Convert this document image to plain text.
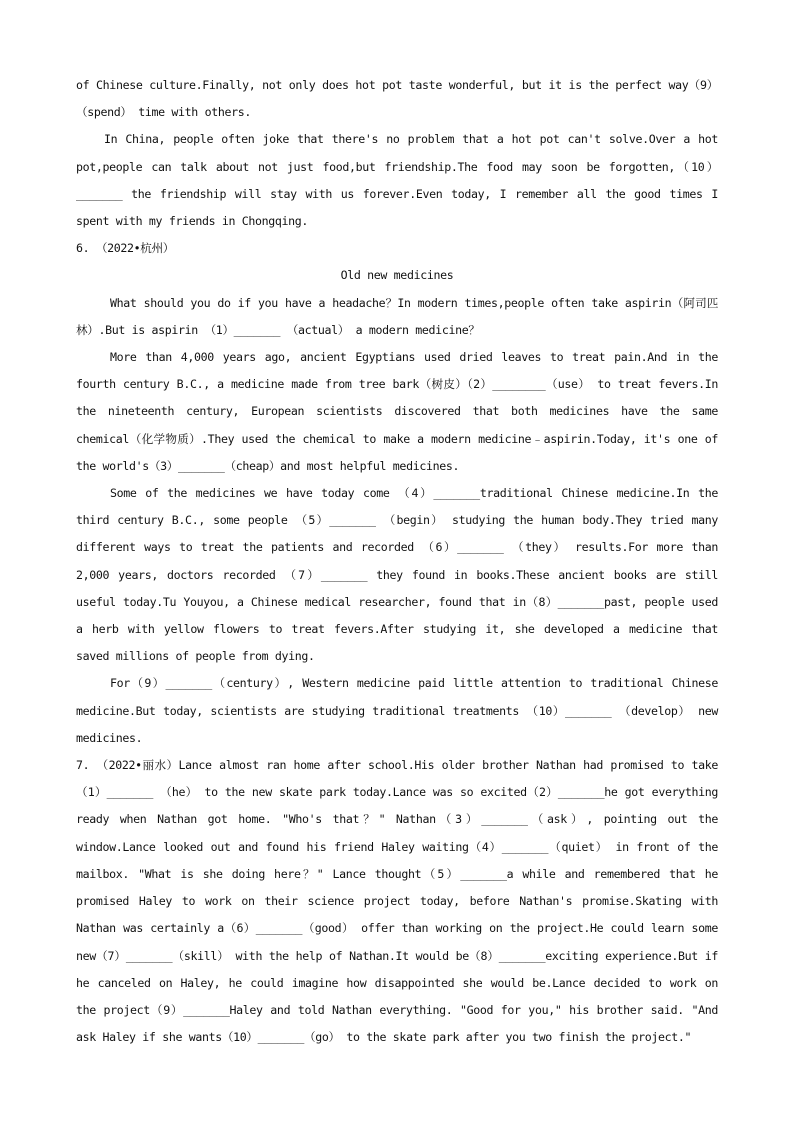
of Chinese culture.Finally, not only does hot pot taste wonderful, but it is the perfect way（9）（spend） time with others.

In China, people often joke that there's no problem that a hot pot can't solve.Over a hot pot,people can talk about not just food,but friendship.The food may soon be forgotten,（10）_______ the friendship will stay with us forever.Even today, I remember all the good times I spent with my friends in Chongqing.

6. （2022•杭州）

Old new medicines

What should you do if you have a headache？In modern times,people often take aspirin（阿司匹林）.But is aspirin （1）_______ （actual） a modern medicine？

More than 4,000 years ago, ancient Egyptians used dried leaves to treat pain.And in the fourth century B.C., a medicine made from tree bark（树皮）（2）________（use） to treat fevers.In the nineteenth century, European scientists discovered that both medicines have the same chemical（化学物质）.They used the chemical to make a modern medicine﹣aspirin.Today, it's one of the world's（3）_______（cheap）and most helpful medicines.

Some of the medicines we have today come （4）_______traditional Chinese medicine.In the third century B.C., some people （5）_______ （begin） studying the human body.They tried many different ways to treat the patients and recorded （6）_______ （they） results.For more than 2,000 years, doctors recorded （7）_______ they found in books.These ancient books are still useful today.Tu Youyou, a Chinese medical researcher, found that in（8）_______past, people used a herb with yellow flowers to treat fevers.After studying it, she developed a medicine that saved millions of people from dying.

For（9）_______（century）, Western medicine paid little attention to traditional Chinese medicine.But today, scientists are studying traditional treatments （10）_______ （develop） new medicines.

7. （2022•丽水）Lance almost ran home after school.His older brother Nathan had promised to take（1）_______ （he） to the new skate park today.Lance was so excited（2）_______he got everything ready when Nathan got home. "Who's that？" Nathan（3）_______（ask）, pointing out the window.Lance looked out and found his friend Haley waiting（4）_______（quiet） in front of the mailbox. "What is she doing here？" Lance thought（5）_______a while and remembered that he promised Haley to work on their science project today, before Nathan's promise.Skating with Nathan was certainly a（6）_______（good） offer than working on the project.He could learn some new（7）_______（skill） with the help of Nathan.It would be（8）_______exciting experience.But if he canceled on Haley, he could imagine how disappointed she would be.Lance decided to work on the project（9）_______Haley and told Nathan everything. "Good for you," his brother said. "And ask Haley if she wants（10）_______（go） to the skate park after you two finish the project."
